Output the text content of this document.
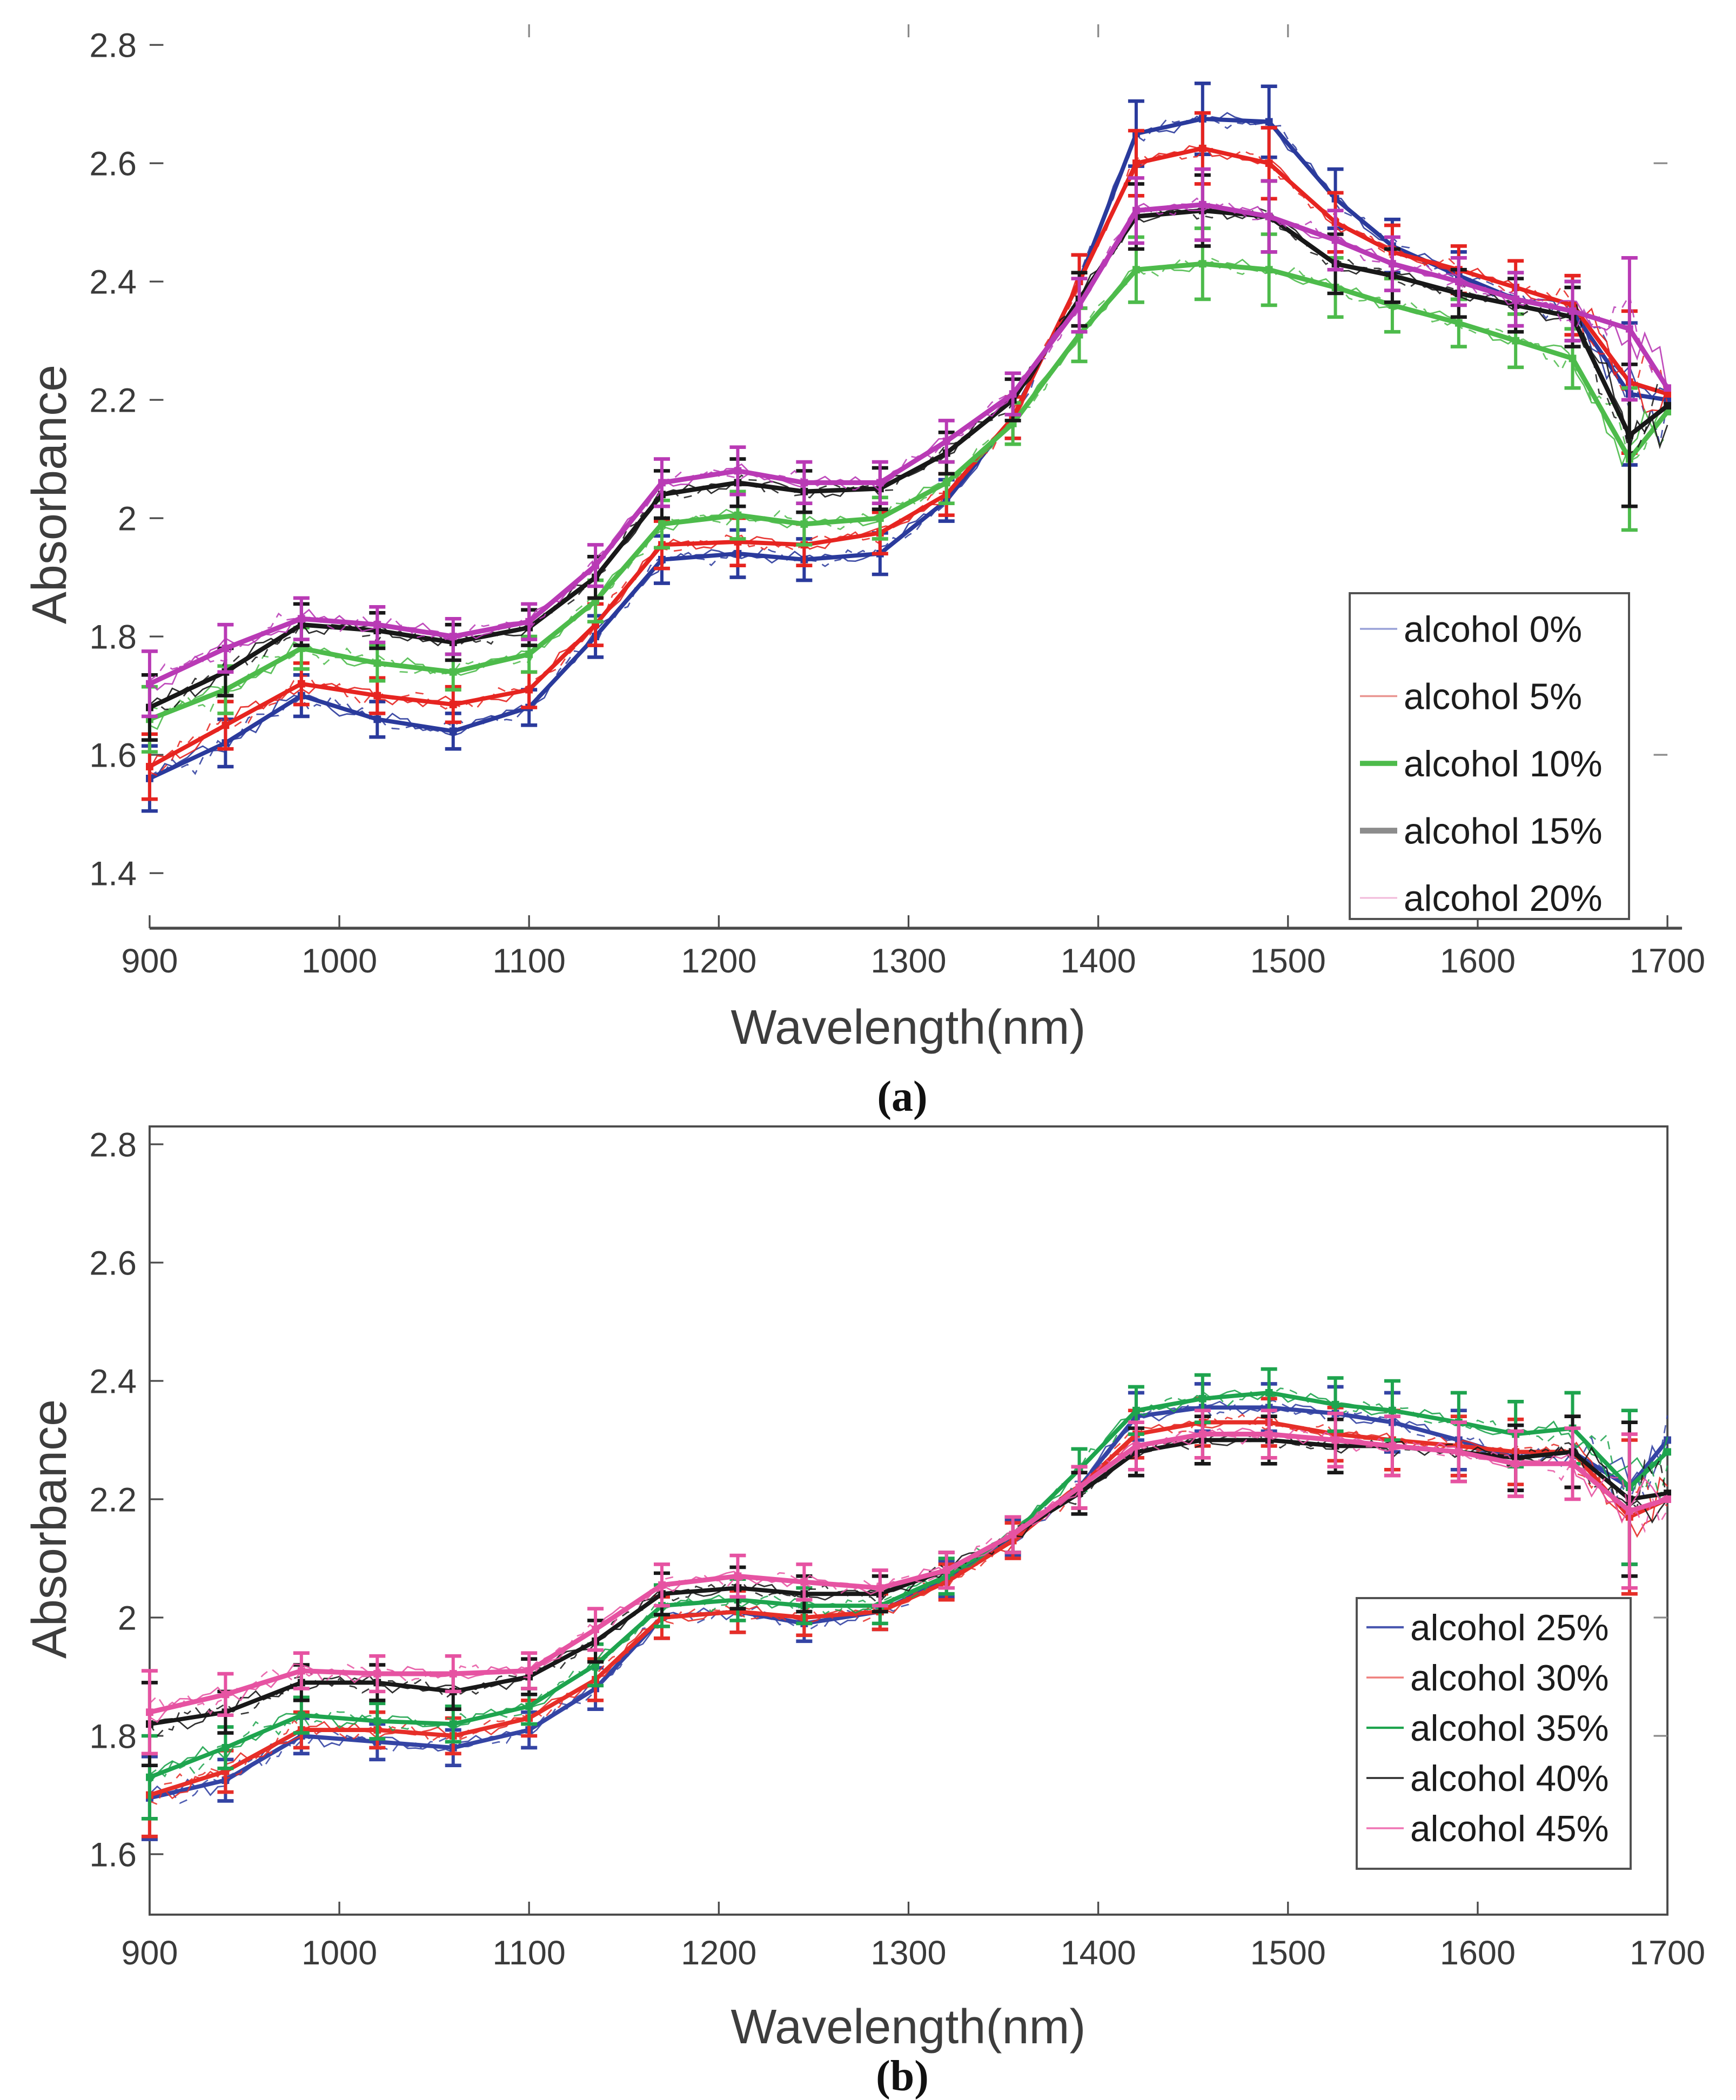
900	1000	1100	1200	1300	1400	1500	1600	1700
1.4
1.6
1.8
2
2.2
2.4
2.6
2.8
alcohol 0%
alcohol 5%
alcohol 10%
alcohol 15%
alcohol 20%
900	1000	1100	1200	1300	1400	1500	1600	1700
1.6
1.8
2
2.2
2.4
2.6
2.8
alcohol 25%
alcohol 30%
alcohol 35%
alcohol 40%
alcohol 45%
Absorbance
Wavelength(nm)
(a)
Absorbance
Wavelength(nm)
(b)
